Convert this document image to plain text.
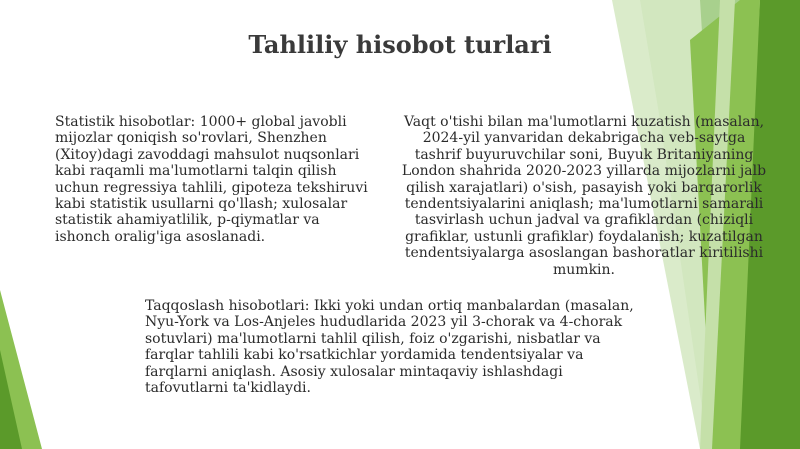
Tahliliy hisobot turlari

Statistik hisobotlar: 1000+ global javobli mijozlar qoniqish so'rovlari, Shenzhen (Xitoy)dagi zavoddagi mahsulot nuqsonlari kabi raqamli ma'lumotlarni talqin qilish uchun regressiya tahlili, gipoteza tekshiruvi kabi statistik usullarni qo'llash; xulosalar statistik ahamiyatlilik, p-qiymatlar va ishonch oralig'iga asoslanadi.

Vaqt o'tishi bilan ma'lumotlarni kuzatish (masalan, 2024-yil yanvaridan dekabrigacha veb-saytga tashrif buyuruvchilar soni, Buyuk Britaniyaning London shahrida 2020-2023 yillarda mijozlarni jalb qilish xarajatlari) o'sish, pasayish yoki barqarorlik tendentsiyalarini aniqlash; ma'lumotlarni samarali tasvirlash uchun jadval va grafiklardan (chiziqli grafiklar, ustunli grafiklar) foydalanish; kuzatilgan tendentsiyalarga asoslangan bashoratlar kiritilishi mumkin.

Taqqoslash hisobotlari: Ikki yoki undan ortiq manbalardan (masalan, Nyu-York va Los-Anjeles hududlarida 2023 yil 3-chorak va 4-chorak sotuvlari) ma'lumotlarni tahlil qilish, foiz o'zgarishi, nisbatlar va farqlar tahlili kabi ko'rsatkichlar yordamida tendentsiyalar va farqlarni aniqlash. Asosiy xulosalar mintaqaviy ishlashdagi tafovutlarni ta'kidlaydi.
